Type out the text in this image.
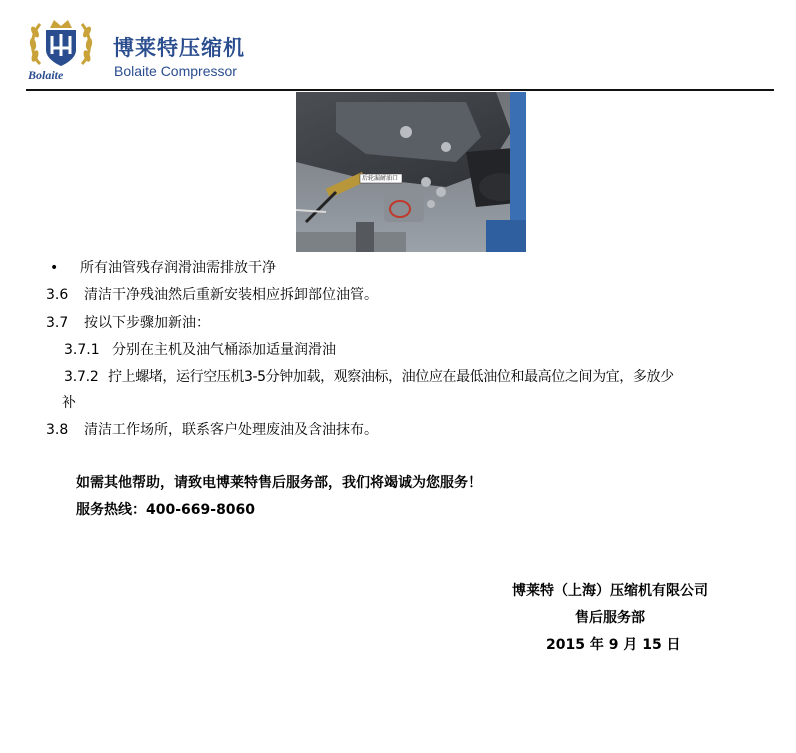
Bolaite
博莱特压缩机
Bolaite Compressor
后轮漏耐油口
• 所有油管残存润滑油需排放干净
3.6 清洁干净残油然后重新安装相应拆卸部位油管。
3.7 按以下步骤加新油：
3.7.1 分别在主机及油气桶添加适量润滑油
3.7.2 拧上螺堵，运行空压机3-5分钟加载，观察油标，油位应在最低油位和最高位之间为宜，多放少
补
3.8 清洁工作场所，联系客户处理废油及含油抹布。
如需其他帮助，请致电博莱特售后服务部，我们将竭诚为您服务！
服务热线：400-669-8060
博莱特（上海）压缩机有限公司
售后服务部
2015 年 9 月 15 日
